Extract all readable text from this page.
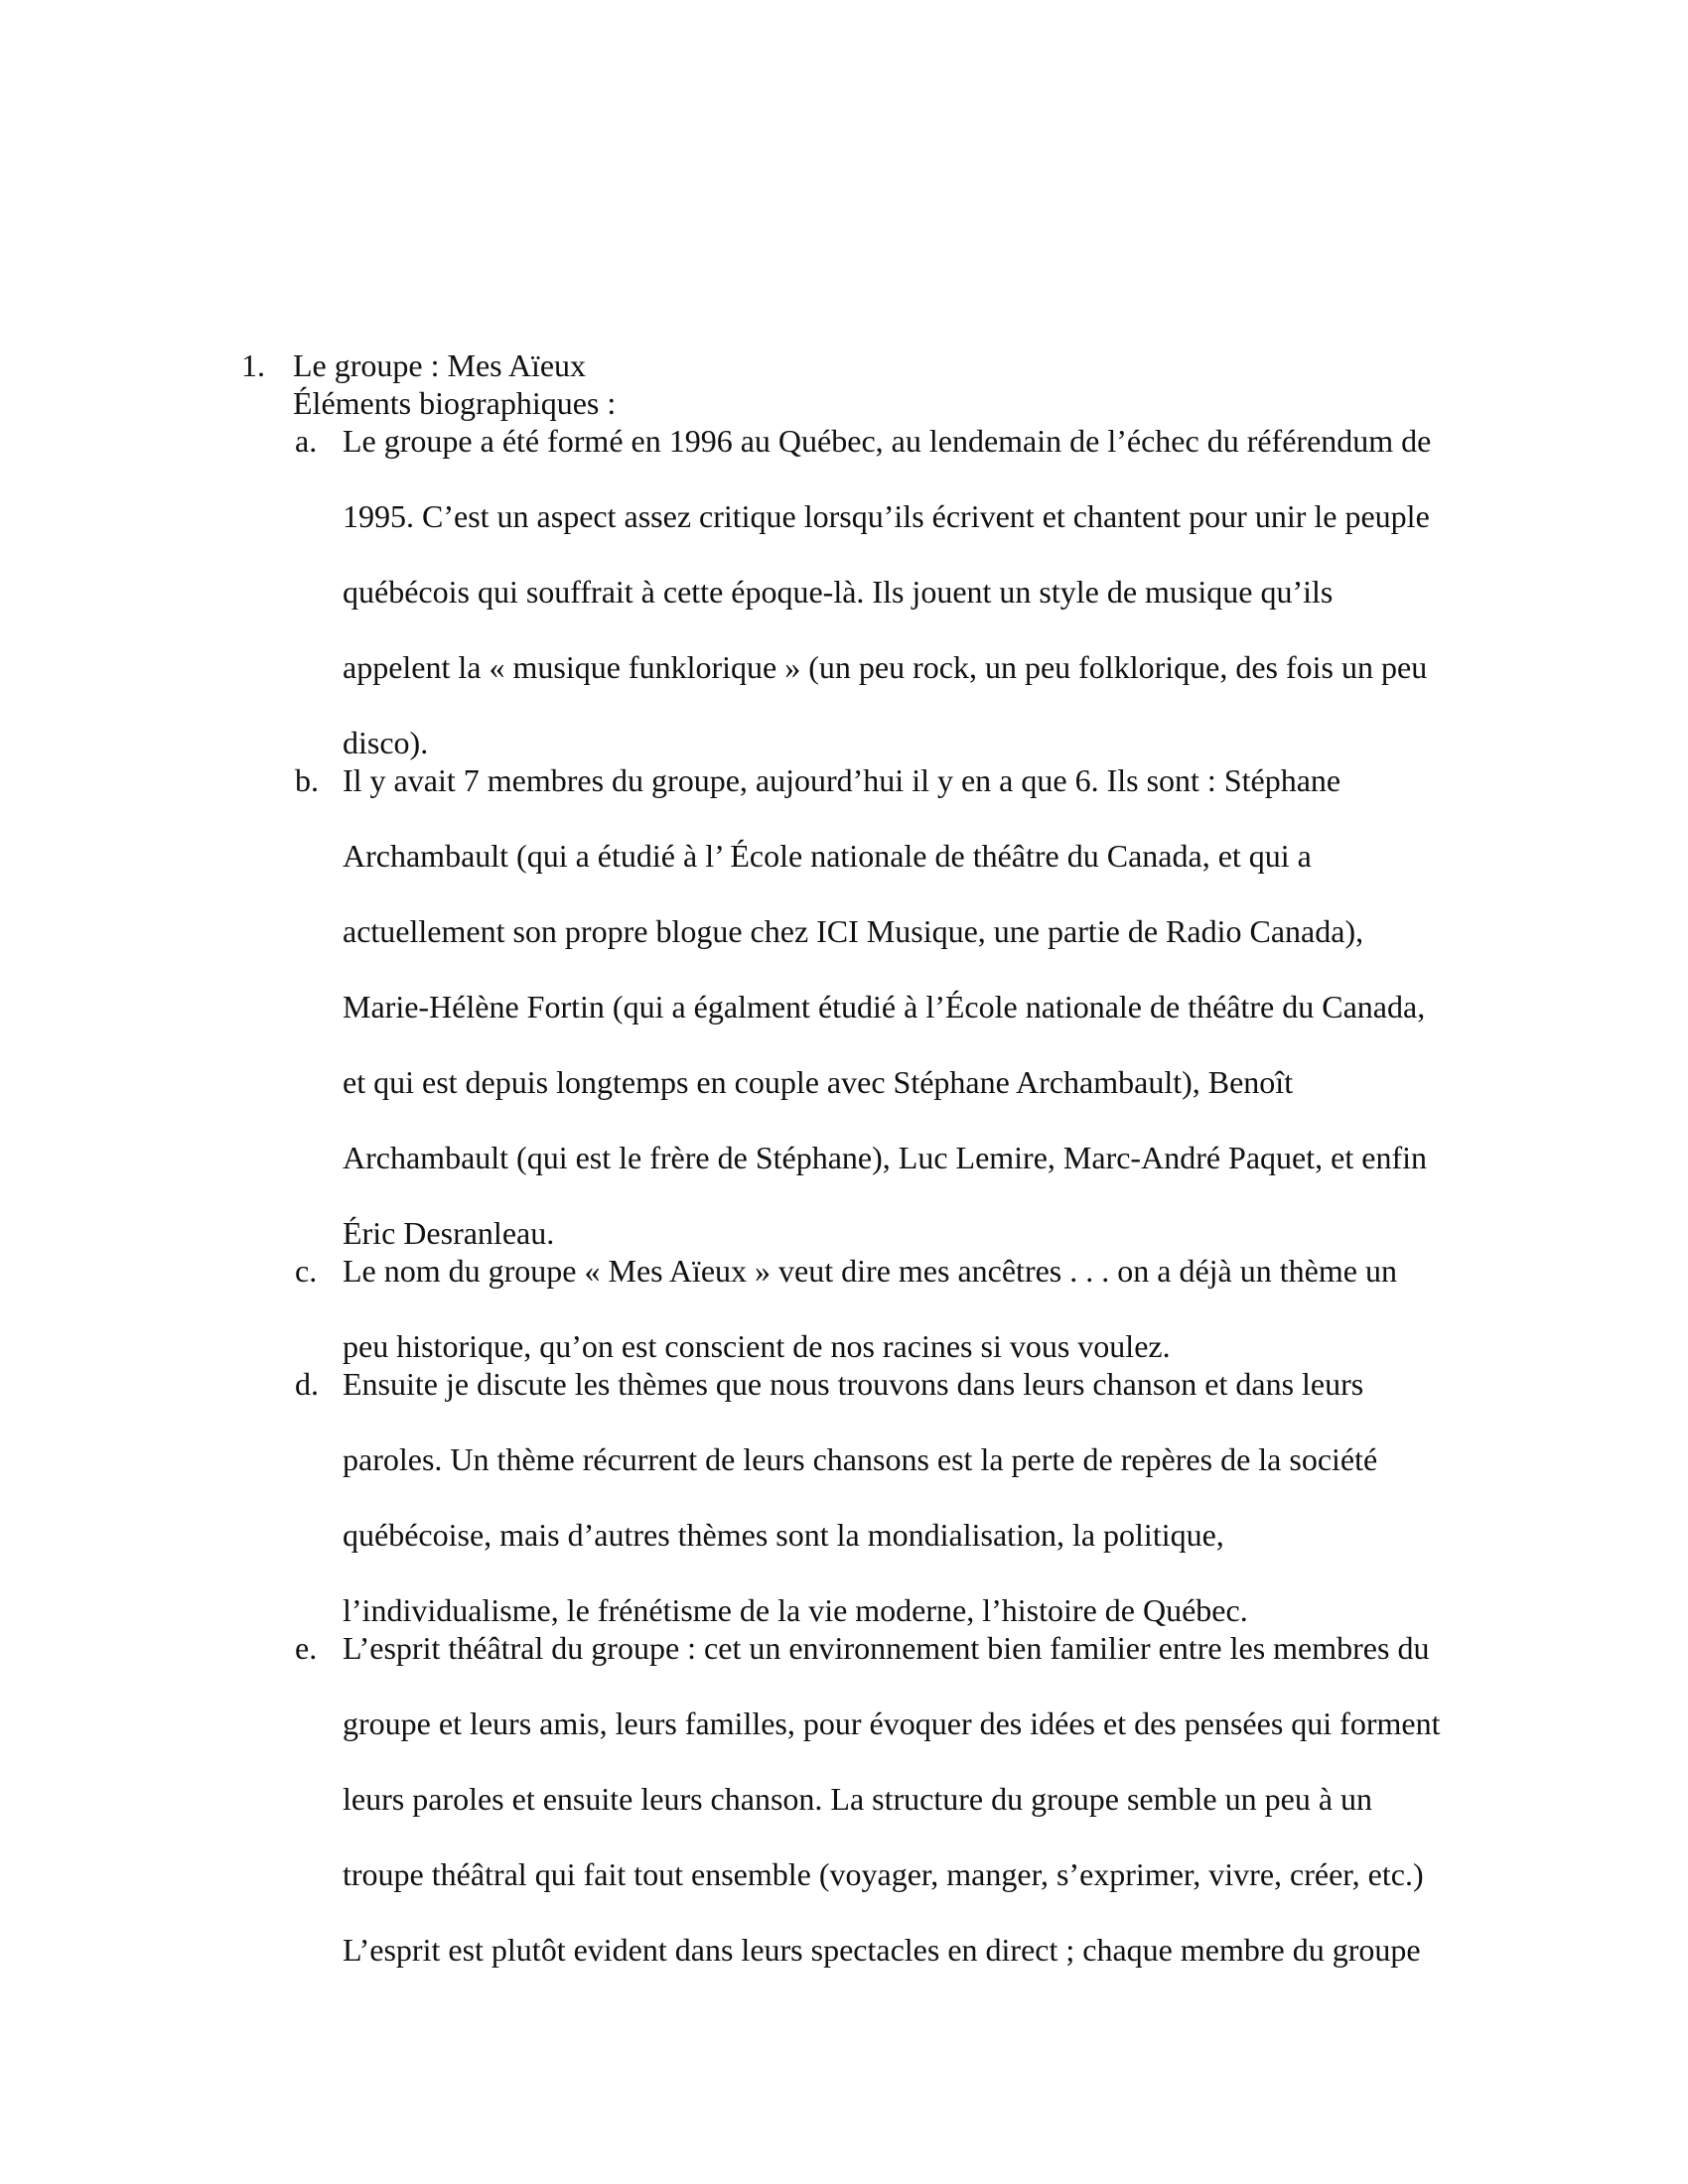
1. Le groupe : Mes Aïeux
Éléments biographiques :
a. Le groupe a été formé en 1996 au Québec, au lendemain de l’échec du référendum de
1995. C’est un aspect assez critique lorsqu’ils écrivent et chantent pour unir le peuple
québécois qui souffrait à cette époque-là. Ils jouent un style de musique qu’ils
appelent la « musique funklorique » (un peu rock, un peu folklorique, des fois un peu
disco).
b. Il y avait 7 membres du groupe, aujourd’hui il y en a que 6. Ils sont : Stéphane
Archambault (qui a étudié à l’ École nationale de théâtre du Canada, et qui a
actuellement son propre blogue chez ICI Musique, une partie de Radio Canada),
Marie-Hélène Fortin (qui a égalment étudié à l’École nationale de théâtre du Canada,
et qui est depuis longtemps en couple avec Stéphane Archambault), Benoît
Archambault (qui est le frère de Stéphane), Luc Lemire, Marc-André Paquet, et enfin
Éric Desranleau.
c. Le nom du groupe « Mes Aïeux » veut dire mes ancêtres . . . on a déjà un thème un
peu historique, qu’on est conscient de nos racines si vous voulez.
d. Ensuite je discute les thèmes que nous trouvons dans leurs chanson et dans leurs
paroles. Un thème récurrent de leurs chansons est la perte de repères de la société
québécoise, mais d’autres thèmes sont la mondialisation, la politique,
l’individualisme, le frénétisme de la vie moderne, l’histoire de Québec.
e. L’esprit théâtral du groupe : cet un environnement bien familier entre les membres du
groupe et leurs amis, leurs familles, pour évoquer des idées et des pensées qui forment
leurs paroles et ensuite leurs chanson. La structure du groupe semble un peu à un
troupe théâtral qui fait tout ensemble (voyager, manger, s’exprimer, vivre, créer, etc.)
L’esprit est plutôt evident dans leurs spectacles en direct ; chaque membre du groupe
